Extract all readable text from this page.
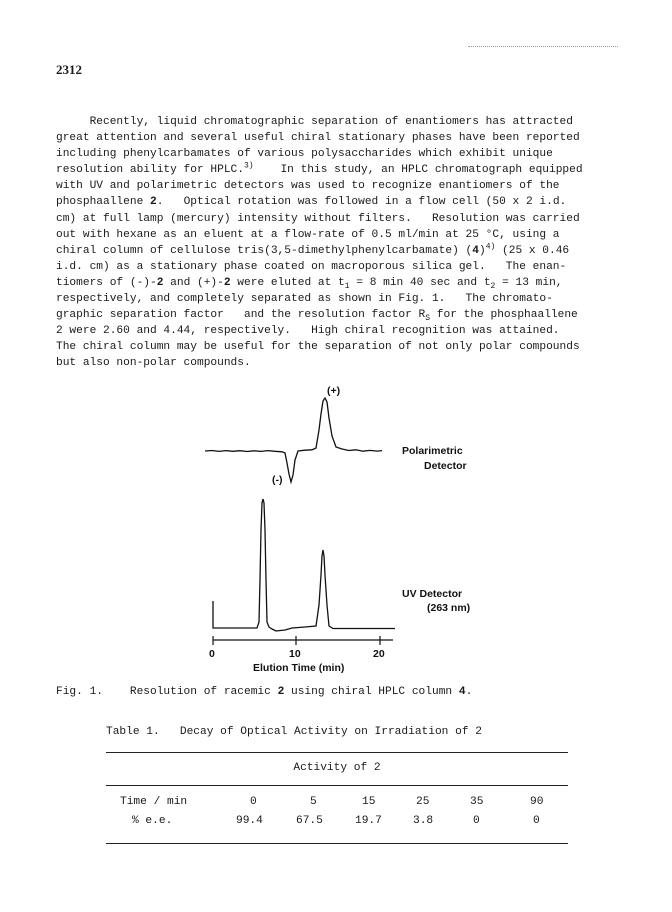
2312
Recently, liquid chromatographic separation of enantiomers has attracted
great attention and several useful chiral stationary phases have been reported
including phenylcarbamates of various polysaccharides which exhibit unique
resolution ability for HPLC.$^{3)}$    In this study, an HPLC chromatograph equipped
with UV and polarimetric detectors was used to recognize enantiomers of the
phosphaallene 2.   Optical rotation was followed in a flow cell (50 x 2 i.d.
cm) at full lamp (mercury) intensity without filters.   Resolution was carried
out with hexane as an eluent at a flow-rate of 0.5 ml/min at 25 °C, using a
chiral column of cellulose tris(3,5-dimethylphenylcarbamate) $(4)^{4)}$ (25 x 0.46
i.d. cm) as a stationary phase coated on macroporous silica gel.   The enan-
tiomers of (-)-2 and (+)-2 were eluted at $t_1 = 8$ min 40 sec and $t_2 = 13$ min,
respectively, and completely separated as shown in Fig. 1.   The chromato-
graphic separation factor   and the resolution factor $R_S$ for the phosphaallene
2 were 2.60 and 4.44, respectively.   High chiral recognition was attained.
The chiral column may be useful for the separation of not only polar compounds
but also non-polar compounds.
(+)
(-)
Polarimetric
Detector
UV Detector
(263 nm)
0	10	20
Elution Time (min)
Fig. 1.    Resolution of racemic 2 using chiral HPLC column 4.
Table 1.   Decay of Optical Activity on Irradiation of 2
Activity of 2
Time / min	0	5	15	25	35	90
% e.e.	99.4	67.5	19.7	3.8	0	0
